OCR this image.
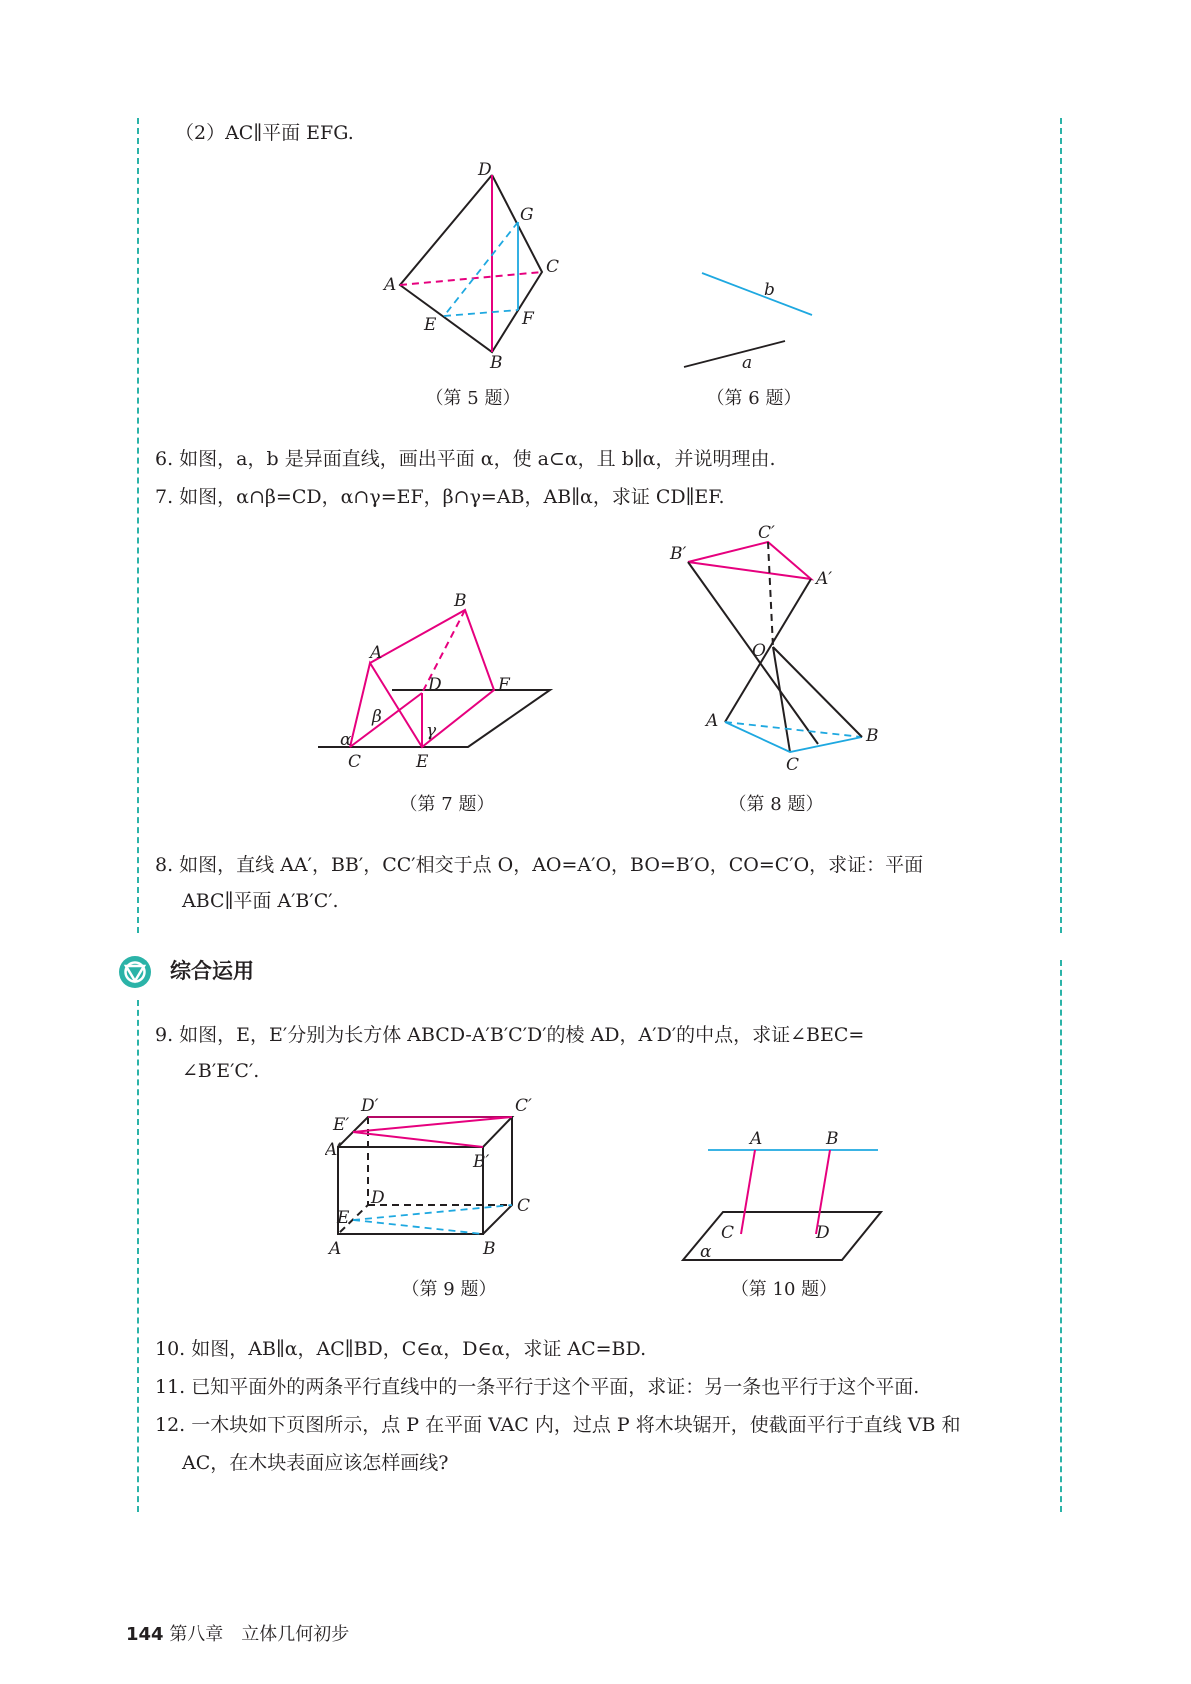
（2）AC∥平面 EFG.
D
G
C
A
E	F
B
（第 5 题）
b
a
（第 6 题）
6. 如图，a，b 是异面直线，画出平面 α，使 a⊂α，且 b∥α，并说明理由.
7. 如图，α∩β=CD，α∩γ=EF，β∩γ=AB，AB∥α，求证 CD∥EF.
B
A
D	F
β
α	γ
C	E
（第 7 题）
C′
B′
A′
O
A
B
C
（第 8 题）
8. 如图，直线 AA′，BB′，CC′相交于点 O，AO=A′O，BO=B′O，CO=C′O，求证：平面
ABC∥平面 A′B′C′.
综合运用
9. 如图，E，E′分别为长方体 ABCD-A′B′C′D′的棱 AD，A′D′的中点，求证∠BEC=
∠B′E′C′.
D′	C′
E′
A′
B′
D	C
E
A	B
（第 9 题）
A	B
C	D
α
（第 10 题）
10. 如图，AB∥α，AC∥BD，C∈α，D∈α，求证 AC=BD.
11. 已知平面外的两条平行直线中的一条平行于这个平面，求证：另一条也平行于这个平面.
12. 一木块如下页图所示，点 P 在平面 VAC 内，过点 P 将木块锯开，使截面平行于直线 VB 和
AC，在木块表面应该怎样画线?
144 第八章　立体几何初步
